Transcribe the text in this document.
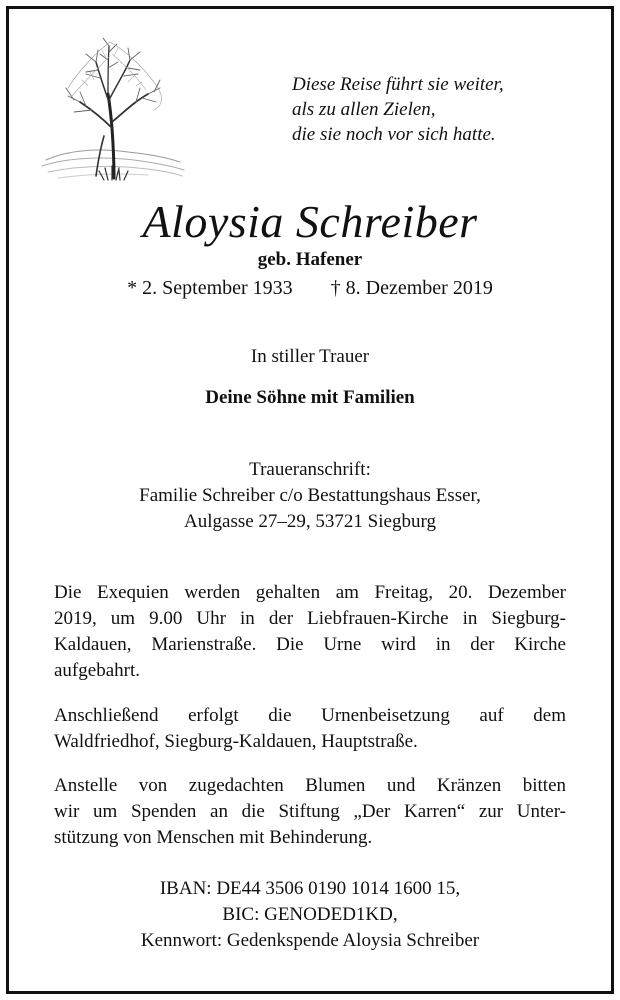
Diese Reise führt sie weiter,
als zu allen Zielen,
die sie noch vor sich hatte.
Aloysia Schreiber
geb. Hafener
* 2. September 1933 † 8. Dezember 2019
In stiller Trauer
Deine Söhne mit Familien
Traueranschrift:
Familie Schreiber c/o Bestattungshaus Esser,
Aulgasse 27–29, 53721 Siegburg
Die Exequien werden gehalten am Freitag, 20. Dezember
2019, um 9.00 Uhr in der Liebfrauen-Kirche in Siegburg-
Kaldauen, Marienstraße. Die Urne wird in der Kirche
aufgebahrt.
Anschließend erfolgt die Urnenbeisetzung auf dem
Waldfriedhof, Siegburg-Kaldauen, Hauptstraße.
Anstelle von zugedachten Blumen und Kränzen bitten
wir um Spenden an die Stiftung „Der Karren“ zur Unter-
stützung von Menschen mit Behinderung.
IBAN: DE44 3506 0190 1014 1600 15,
BIC: GENODED1KD,
Kennwort: Gedenkspende Aloysia Schreiber
